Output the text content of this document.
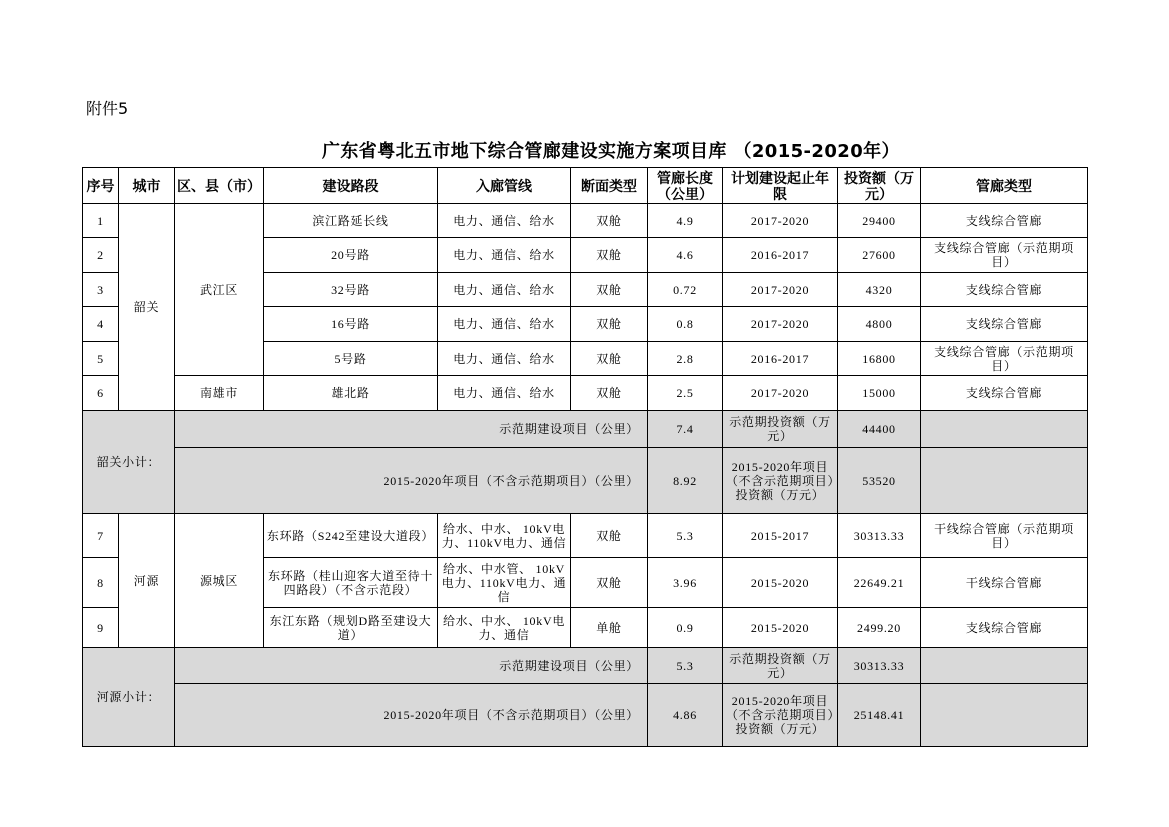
附件5
广东省粤北五市地下综合管廊建设实施方案项目库 （2015-2020年）
序号	城市	区、县（市）	建设路段	入廊管线	断面类型	管廊长度（公里）	计划建设起止年限	投资额（万元）	管廊类型
1	韶关	武江区	滨江路延长线	电力、通信、给水	双舱	4.9	2017-2020	29400	支线综合管廊
2			20号路	电力、通信、给水	双舱	4.6	2016-2017	27600	支线综合管廊（示范期项目）
3			32号路	电力、通信、给水	双舱	0.72	2017-2020	4320	支线综合管廊
4			16号路	电力、通信、给水	双舱	0.8	2017-2020	4800	支线综合管廊
5			5号路	电力、通信、给水	双舱	2.8	2016-2017	16800	支线综合管廊（示范期项目）
6		南雄市	雄北路	电力、通信、给水	双舱	2.5	2017-2020	15000	支线综合管廊
韶关小计：		示范期建设项目（公里）				7.4	示范期投资额（万元）	44400	
		2015-2020年项目（不含示范期项目）（公里）				8.92	2015-2020年项目（不含示范期项目）投资额（万元）	53520	
7	河源	源城区	东环路（S242至建设大道段）	给水、中水、 10kV电力、110kV电力、通信	双舱	5.3	2015-2017	30313.33	干线综合管廊（示范期项目）
8			东环路（桂山迎客大道至待十四路段）（不含示范段）	给水、中水管、 10kV电力、110kV电力、通信	双舱	3.96	2015-2020	22649.21	干线综合管廊
9			东江东路（规划D路至建设大道）	给水、中水、 10kV电力、通信	单舱	0.9	2015-2020	2499.20	支线综合管廊
河源小计：		示范期建设项目（公里）				5.3	示范期投资额（万元）	30313.33	
		2015-2020年项目（不含示范期项目）（公里）				4.86	2015-2020年项目（不含示范期项目）投资额（万元）	25148.41	
